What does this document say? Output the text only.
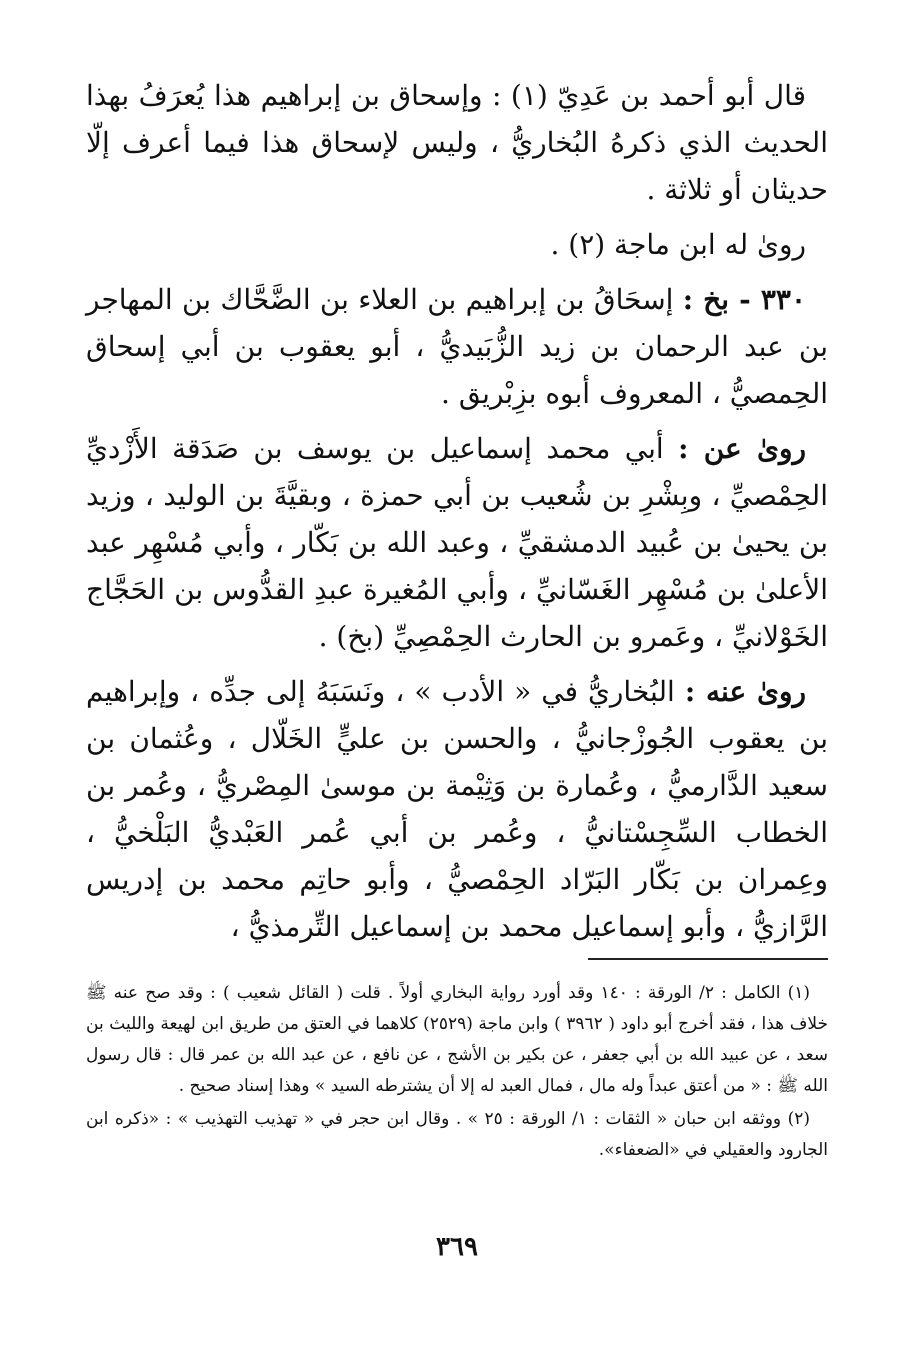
قال أبو أحمد بن عَدِيّ (١) : وإسحاق بن إبراهيم هذا يُعرَفُ بهذا الحديث الذي ذكرهُ البُخاريُّ ، وليس لإسحاق هذا فيما أعرف إلّا حديثان أو ثلاثة .

روىٰ له ابن ماجة (٢) .

٣٣٠ - بخ : إسحَاقُ بن إبراهيم بن العلاء بن الضَّحَّاك بن المهاجر بن عبد الرحمان بن زيد الزُّبَيديُّ ، أبو يعقوب بن أبي إسحاق الحِمصيُّ ، المعروف أبوه بزِبْريق .

روىٰ عن : أبي محمد إسماعيل بن يوسف بن صَدَقة الأَزْديِّ الحِمْصيِّ ، وبِشْرِ بن شُعيب بن أبي حمزة ، وبقيَّةَ بن الوليد ، وزيد بن يحيىٰ بن عُبيد الدمشقيِّ ، وعبد الله بن بَكّار ، وأبي مُسْهِر عبد الأعلىٰ بن مُسْهِر الغَسّانيِّ ، وأبي المُغيرة عبدِ القدُّوس بن الحَجَّاج الخَوْلانيِّ ، وعَمرو بن الحارث الحِمْصِيِّ (بخ) .

روىٰ عنه : البُخاريُّ في « الأدب » ، ونَسَبَهُ إلى جدِّه ، وإبراهيم بن يعقوب الجُوزْجانيُّ ، والحسن بن عليٍّ الخَلّال ، وعُثمان بن سعيد الدَّارميُّ ، وعُمارة بن وَثِيْمة بن موسىٰ المِصْريُّ ، وعُمر بن الخطاب السِّجِسْتانيُّ ، وعُمر بن أبي عُمر العَبْديُّ البَلْخيُّ ، وعِمران بن بَكّار البَرّاد الحِمْصيُّ ، وأبو حاتِم محمد بن إدريس الرَّازيُّ ، وأبو إسماعيل محمد بن إسماعيل التِّرمذيُّ ،

(١) الكامل : ٢/ الورقة : ١٤٠ وقد أورد رواية البخاري أولاً . قلت ( القائل شعيب ) : وقد صح عنه ﷺ خلاف هذا ، فقد أخرج أبو داود ( ٣٩٦٢ ) وابن ماجة (٢٥٢٩) كلاهما في العتق من طريق ابن لهيعة والليث بن سعد ، عن عبيد الله بن أبي جعفر ، عن بكير بن الأشج ، عن نافع ، عن عبد الله بن عمر قال : قال رسول الله ﷺ : « من أعتق عبداً وله مال ، فمال العبد له إلا أن يشترطه السيد » وهذا إسناد صحيح .

(٢) ووثقه ابن حبان « الثقات : ١/ الورقة : ٢٥ » . وقال ابن حجر في « تهذيب التهذيب » : «ذكره ابن الجارود والعقيلي في «الضعفاء».

٣٦٩
